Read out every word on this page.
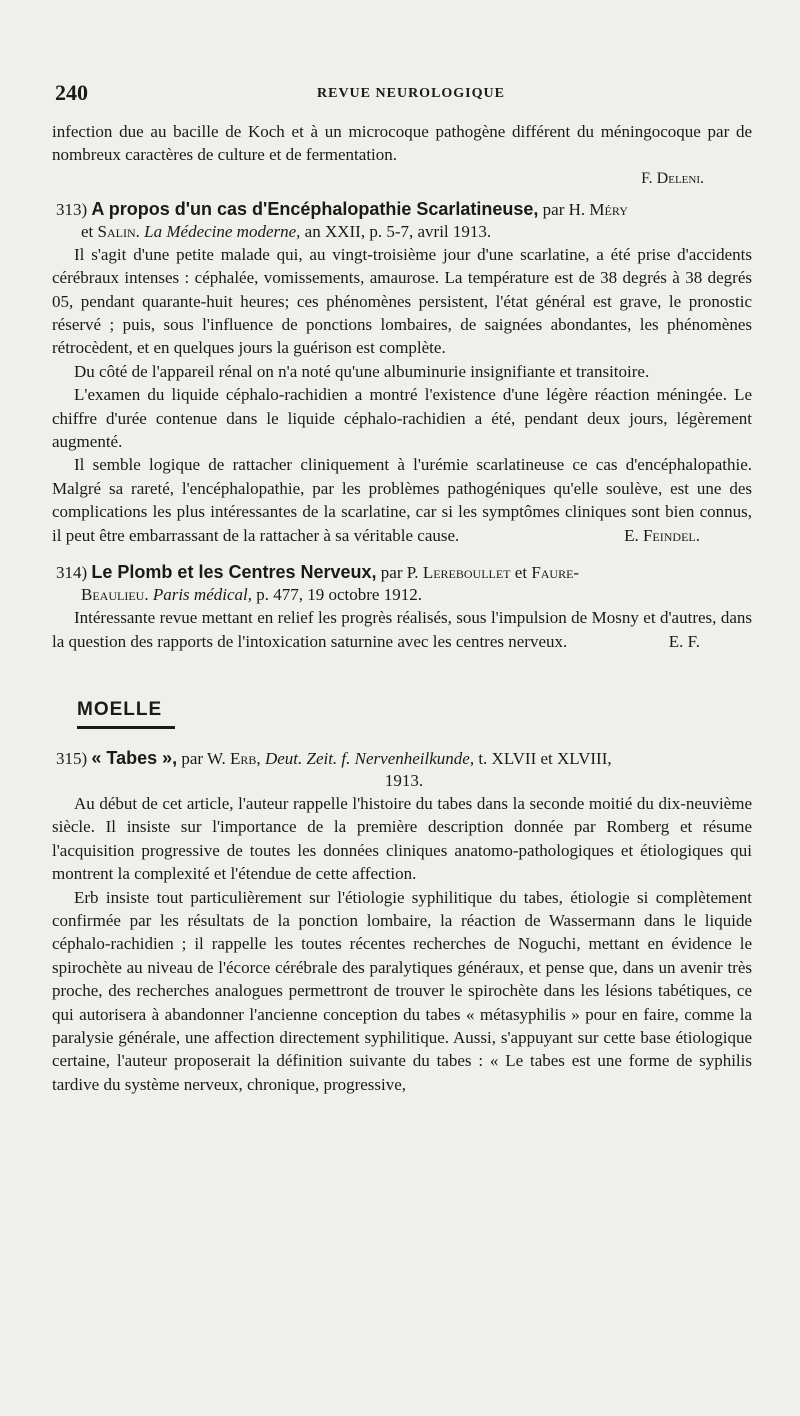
240	REVUE NEUROLOGIQUE

infection due au bacille de Koch et à un microcoque pathogène différent du méningocoque par de nombreux caractères de culture et de fermentation.

F. Deleni.

313) A propos d'un cas d'Encéphalopathie Scarlatineuse, par H. Méry
et Salin. La Médecine moderne, an XXII, p. 5-7, avril 1913.

Il s'agit d'une petite malade qui, au vingt-troisième jour d'une scarlatine, a été prise d'accidents cérébraux intenses : céphalée, vomissements, amaurose. La température est de 38 degrés à 38 degrés 05, pendant quarante-huit heures; ces phénomènes persistent, l'état général est grave, le pronostic réservé ; puis, sous l'influence de ponctions lombaires, de saignées abondantes, les phénomènes rétrocèdent, et en quelques jours la guérison est complète.

Du côté de l'appareil rénal on n'a noté qu'une albuminurie insignifiante et transitoire.

L'examen du liquide céphalo-rachidien a montré l'existence d'une légère réaction méningée. Le chiffre d'urée contenue dans le liquide céphalo-rachidien a été, pendant deux jours, légèrement augmenté.

Il semble logique de rattacher cliniquement à l'urémie scarlatineuse ce cas d'encéphalopathie. Malgré sa rareté, l'encéphalopathie, par les problèmes pathogéniques qu'elle soulève, est une des complications les plus intéressantes de la scarlatine, car si les symptômes cliniques sont bien connus, il peut être embarrassant de la rattacher à sa véritable cause.	E. Feindel.

314) Le Plomb et les Centres Nerveux, par P. Lereboullet et Faure-
Beaulieu. Paris médical, p. 477, 19 octobre 1912.

Intéressante revue mettant en relief les progrès réalisés, sous l'impulsion de Mosny et d'autres, dans la question des rapports de l'intoxication saturnine avec les centres nerveux.	E. F.

MOELLE
315) « Tabes », par W. Erb, Deut. Zeit. f. Nervenheilkunde, t. XLVII et XLVIII,
1913.

Au début de cet article, l'auteur rappelle l'histoire du tabes dans la seconde moitié du dix-neuvième siècle. Il insiste sur l'importance de la première description donnée par Romberg et résume l'acquisition progressive de toutes les données cliniques anatomo-pathologiques et étiologiques qui montrent la complexité et l'étendue de cette affection.

Erb insiste tout particulièrement sur l'étiologie syphilitique du tabes, étiologie si complètement confirmée par les résultats de la ponction lombaire, la réaction de Wassermann dans le liquide céphalo-rachidien ; il rappelle les toutes récentes recherches de Noguchi, mettant en évidence le spirochète au niveau de l'écorce cérébrale des paralytiques généraux, et pense que, dans un avenir très proche, des recherches analogues permettront de trouver le spirochète dans les lésions tabétiques, ce qui autorisera à abandonner l'ancienne conception du tabes « métasyphilis » pour en faire, comme la paralysie générale, une affection directement syphilitique. Aussi, s'appuyant sur cette base étiologique certaine, l'auteur proposerait la définition suivante du tabes : « Le tabes est une forme de syphilis tardive du système nerveux, chronique, progressive,
